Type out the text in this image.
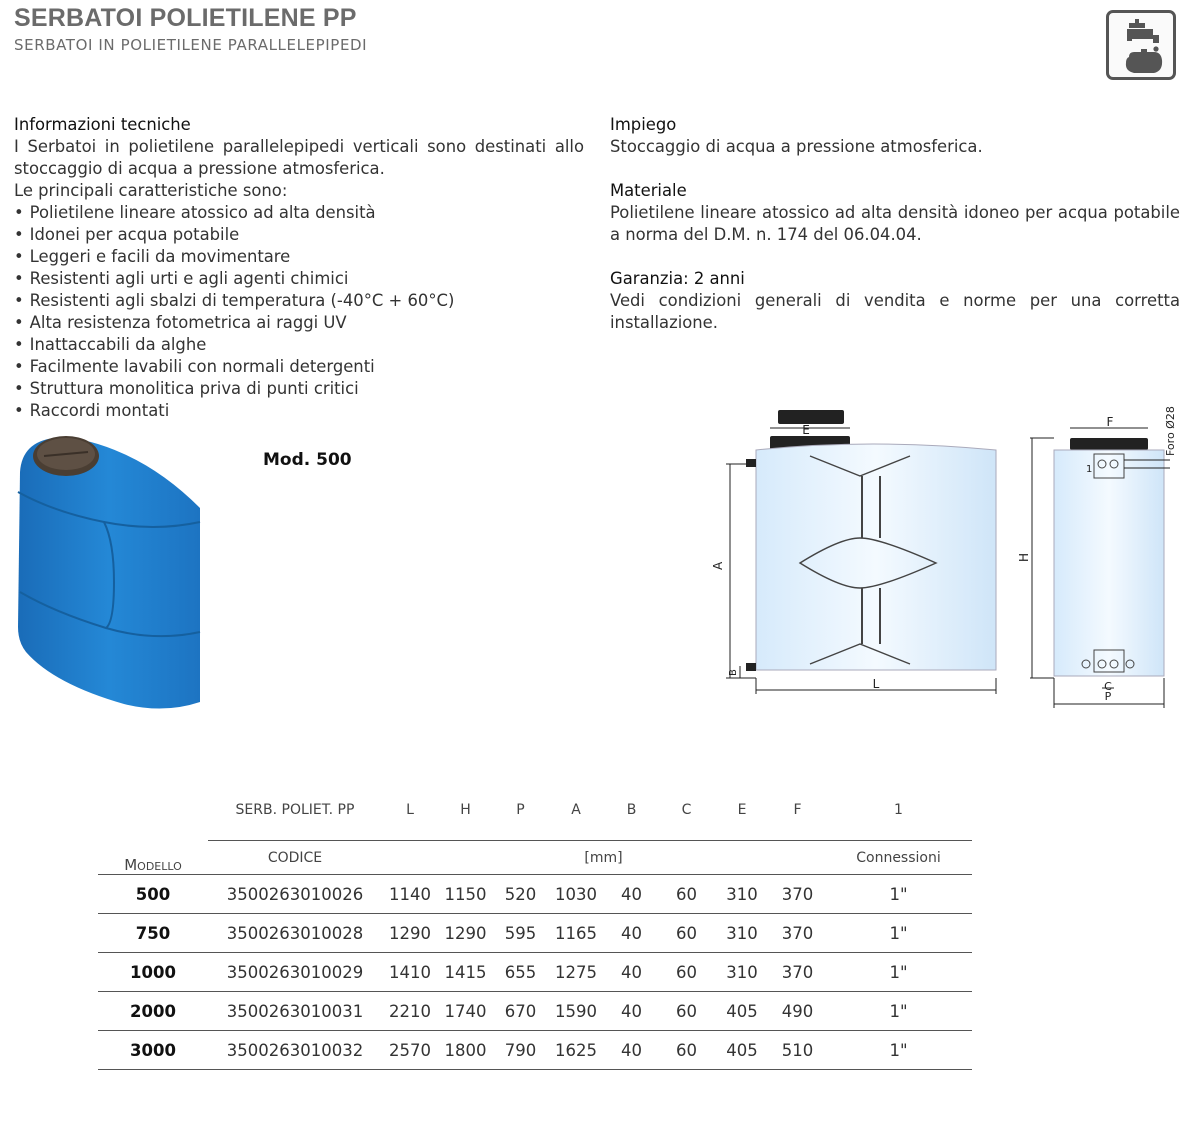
SERBATOI POLIETILENE PP
SERBATOI IN POLIETILENE PARALLELEPIPEDI
Informazioni tecniche
I Serbatoi in polietilene parallelepipedi verticali sono destinati allo stoccaggio di acqua a pressione atmosferica.
Le principali caratteristiche sono:
• Polietilene lineare atossico ad alta densità
• Idonei per acqua potabile
• Leggeri e facili da movimentare
• Resistenti agli urti e agli agenti chimici
• Resistenti agli sbalzi di temperatura (-40°C + 60°C)
• Alta resistenza fotometrica ai raggi UV
• Inattaccabili da alghe
• Facilmente lavabili con normali detergenti
• Struttura monolitica priva di punti critici
• Raccordi montati
Impiego
Stoccaggio di acqua a pressione atmosferica.
Materiale
Polietilene lineare atossico ad alta densità idoneo per acqua potabile a norma del D.M. n. 174 del 06.04.04.
Garanzia: 2 anni
Vedi condizioni generali di vendita e norme per una corretta installazione.
Mod. 500
E
A
B
L
F	Foro Ø28
1
H
C
P
Modello	SERB. POLIET. PP	L	H	P	A	B	C	E	F	1
	CODICE	[mm]								Connessioni
500	3500263010026	1140	1150	520	1030	40	60	310	370	1"
750	3500263010028	1290	1290	595	1165	40	60	310	370	1"
1000	3500263010029	1410	1415	655	1275	40	60	310	370	1"
2000	3500263010031	2210	1740	670	1590	40	60	405	490	1"
3000	3500263010032	2570	1800	790	1625	40	60	405	510	1"
